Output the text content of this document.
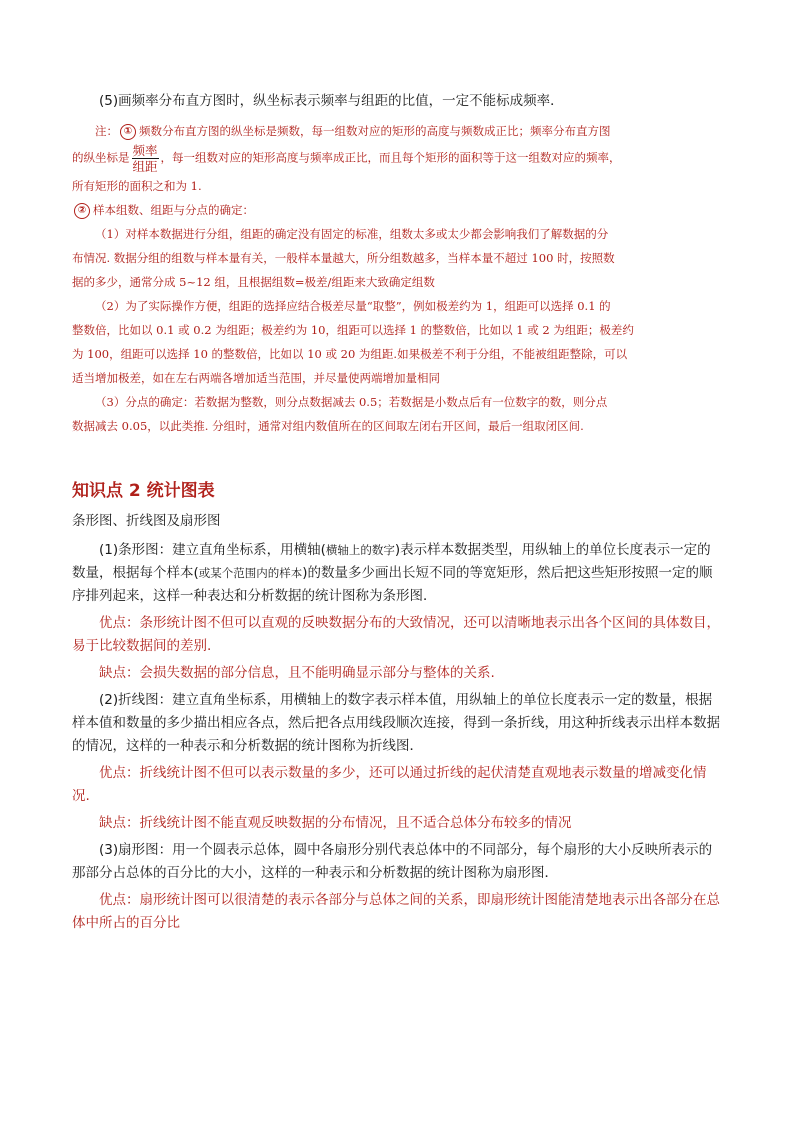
(5)画频率分布直方图时，纵坐标表示频率与组距的比值，一定不能标成频率．

注： ① 频数分布直方图的纵坐标是频数，每一组数对应的矩形的高度与频数成正比；频率分布直方图

的纵坐标是 $\frac{\text{频率}}{\text{组距}}$ ，每一组数对应的矩形高度与频率成正比，而且每个矩形的面积等于这一组数对应的频率，

所有矩形的面积之和为 1.

② 样本组数、组距与分点的确定：

（1）对样本数据进行分组，组距的确定没有固定的标准，组数太多或太少都会影响我们了解数据的分

布情况. 数据分组的组数与样本量有关，一般样本量越大，所分组数越多，当样本量不超过 100 时，按照数

据的多少，通常分成 5~12 组，且根据组数=极差/组距来大致确定组数

（2）为了实际操作方便，组距的选择应结合极差尽量“取整”，例如极差约为 1，组距可以选择 0.1 的

整数倍，比如以 0.1 或 0.2 为组距；极差约为 10，组距可以选择 1 的整数倍，比如以 1 或 2 为组距；极差约

为 100，组距可以选择 10 的整数倍，比如以 10 或 20 为组距.如果极差不利于分组，不能被组距整除，可以

适当增加极差，如在左右两端各增加适当范围，并尽量使两端增加量相同

（3）分点的确定：若数据为整数，则分点数据减去 0.5；若数据是小数点后有一位数字的数，则分点

数据减去 0.05，以此类推. 分组时，通常对组内数值所在的区间取左闭右开区间，最后一组取闭区间.

知识点 2 统计图表
条形图、折线图及扇形图

(1)条形图：建立直角坐标系，用横轴(横轴上的数字)表示样本数据类型，用纵轴上的单位长度表示一定的数量，根据每个样本(或某个范围内的样本)的数量多少画出长短不同的等宽矩形，然后把这些矩形按照一定的顺序排列起来，这样一种表达和分析数据的统计图称为条形图．

优点：条形统计图不但可以直观的反映数据分布的大致情况，还可以清晰地表示出各个区间的具体数目，易于比较数据间的差别.

缺点：会损失数据的部分信息，且不能明确显示部分与整体的关系.

(2)折线图：建立直角坐标系，用横轴上的数字表示样本值，用纵轴上的单位长度表示一定的数量，根据样本值和数量的多少描出相应各点，然后把各点用线段顺次连接，得到一条折线，用这种折线表示出样本数据的情况，这样的一种表示和分析数据的统计图称为折线图．

优点：折线统计图不但可以表示数量的多少，还可以通过折线的起伏清楚直观地表示数量的增减变化情况.

缺点：折线统计图不能直观反映数据的分布情况，且不适合总体分布较多的情况

(3)扇形图：用一个圆表示总体，圆中各扇形分别代表总体中的不同部分，每个扇形的大小反映所表示的那部分占总体的百分比的大小，这样的一种表示和分析数据的统计图称为扇形图．

优点：扇形统计图可以很清楚的表示各部分与总体之间的关系，即扇形统计图能清楚地表示出各部分在总体中所占的百分比
